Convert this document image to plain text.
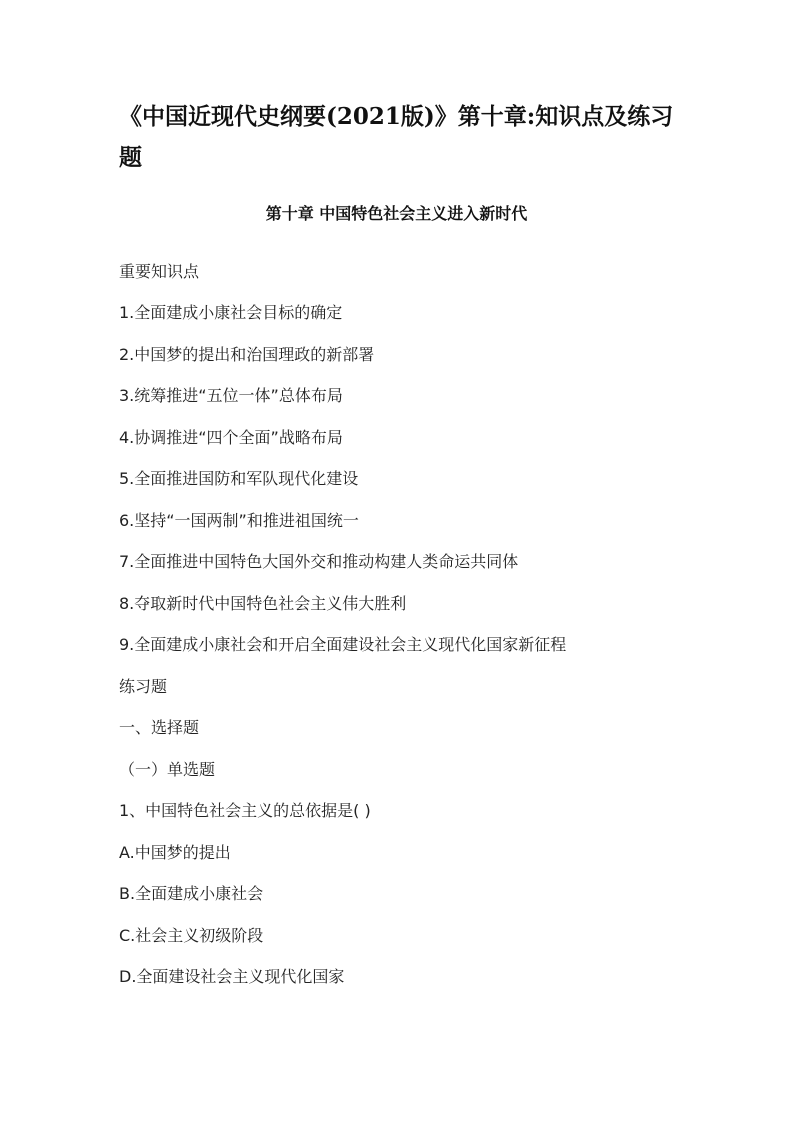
《中国近现代史纲要(2021版)》第十章:知识点及练习题
第十章 中国特色社会主义进入新时代

重要知识点

1.全面建成小康社会目标的确定

2.中国梦的提出和治国理政的新部署

3.统筹推进“五位一体”总体布局

4.协调推进“四个全面”战略布局

5.全面推进国防和军队现代化建设

6.坚持“一国两制”和推进祖国统一

7.全面推进中国特色大国外交和推动构建人类命运共同体

8.夺取新时代中国特色社会主义伟大胜利

9.全面建成小康社会和开启全面建设社会主义现代化国家新征程

练习题

一、选择题

（一）单选题

1、中国特色社会主义的总依据是( )

A.中国梦的提出

B.全面建成小康社会

C.社会主义初级阶段

D.全面建设社会主义现代化国家
